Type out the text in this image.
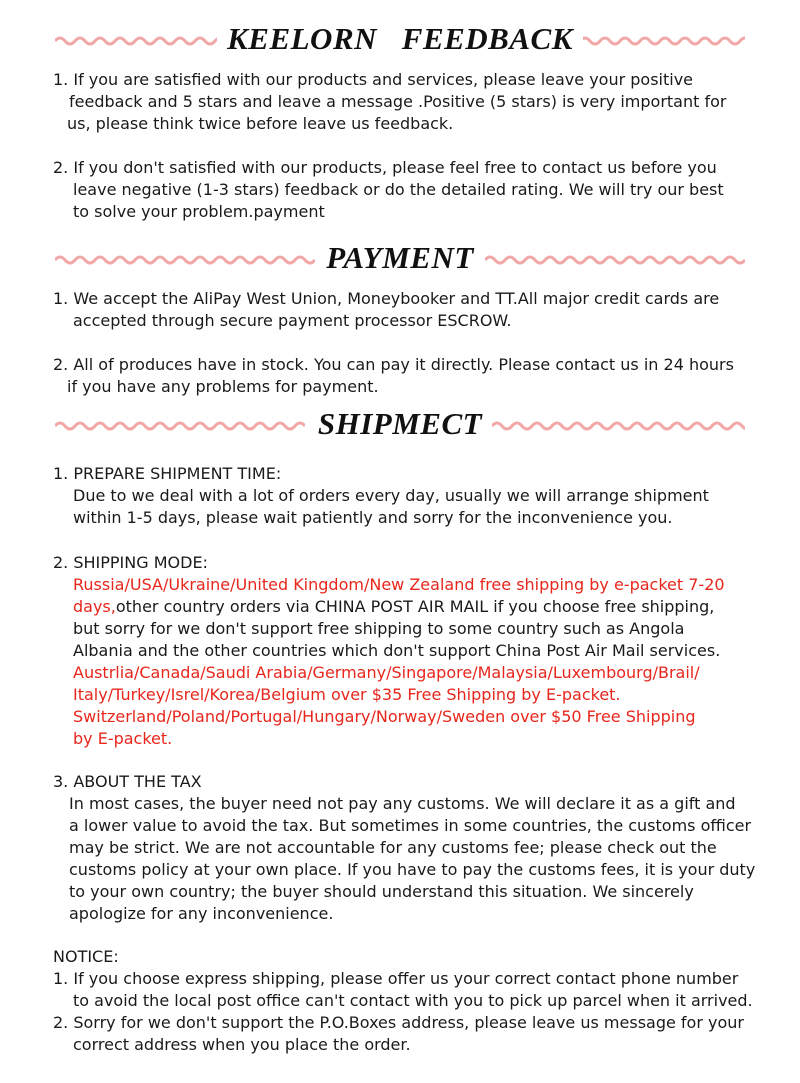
KEELORN   FEEDBACK
1. If you are satisfied with our products and services, please leave your positive
feedback and 5 stars and leave a message .Positive (5 stars) is very important for
us, please think twice before leave us feedback.
2. If you don't satisfied with our products, please feel free to contact us before you
leave negative (1-3 stars) feedback or do the detailed rating. We will try our best
to solve your problem.payment
PAYMENT
1. We accept the AliPay West Union, Moneybooker and TT.All major credit cards are
accepted through secure payment processor ESCROW.
2. All of produces have in stock. You can pay it directly. Please contact us in 24 hours
if you have any problems for payment.
SHIPMECT
1. PREPARE SHIPMENT TIME:
Due to we deal with a lot of orders every day, usually we will arrange shipment
within 1-5 days, please wait patiently and sorry for the inconvenience you.
2. SHIPPING MODE:
Russia/USA/Ukraine/United Kingdom/New Zealand free shipping by e-packet 7-20
days,other country orders via CHINA POST AIR MAIL if you choose free shipping,
but sorry for we don't support free shipping to some country such as Angola
Albania and the other countries which don't support China Post Air Mail services.
Austrlia/Canada/Saudi Arabia/Germany/Singapore/Malaysia/Luxembourg/Brail/
Italy/Turkey/Isrel/Korea/Belgium over $35 Free Shipping by E-packet.
Switzerland/Poland/Portugal/Hungary/Norway/Sweden over $50 Free Shipping
by E-packet.
3. ABOUT THE TAX
In most cases, the buyer need not pay any customs. We will declare it as a gift and
a lower value to avoid the tax. But sometimes in some countries, the customs officer
may be strict. We are not accountable for any customs fee; please check out the
customs policy at your own place. If you have to pay the customs fees, it is your duty
to your own country; the buyer should understand this situation. We sincerely
apologize for any inconvenience.
NOTICE:
1. If you choose express shipping, please offer us your correct contact phone number
to avoid the local post office can't contact with you to pick up parcel when it arrived.
2. Sorry for we don't support the P.O.Boxes address, please leave us message for your
correct address when you place the order.
